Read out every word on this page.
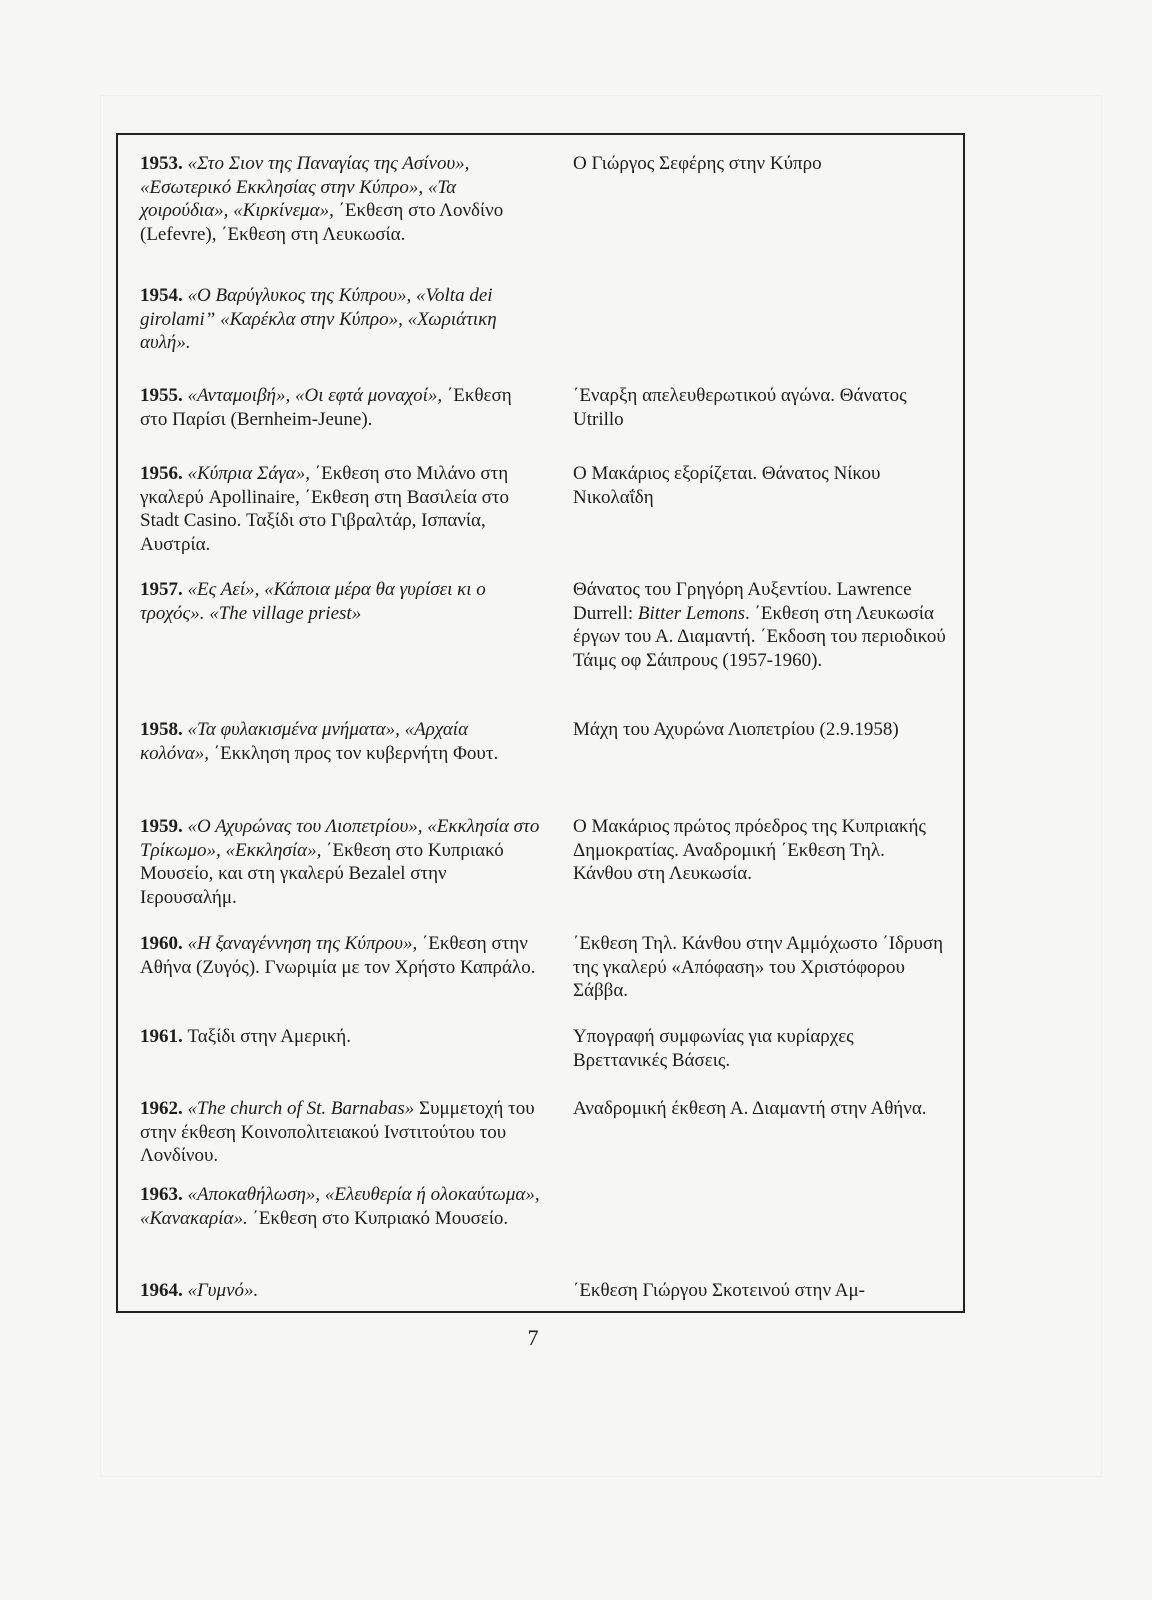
1953. «Στο Σιον της Παναγίας της Ασίνου», «Εσωτερικό Εκκλησίας στην Κύπρο», «Τα χοιρούδια», «Κιρκίνεμα», ΄Εκθεση στο Λονδίνο (Lefevre), ΄Εκθεση στη Λευκωσία.
Ο Γιώργος Σεφέρης στην Κύπρο
1954. «Ο Βαρύγλυκος της Κύπρου», «Volta dei girolami” «Καρέκλα στην Κύπρο», «Χωριάτικη αυλή».
1955. «Ανταμοιβή», «Οι εφτά μοναχοί», ΄Εκθεση στο Παρίσι (Bernheim-Jeune).
΄Εναρξη απελευθερωτικού αγώνα. Θάνατος Utrillo
1956. «Κύπρια Σάγα», ΄Εκθεση στο Μιλάνο στη γκαλερύ Apollinaire, ΄Εκθεση στη Βασιλεία στο Stadt Casino. Ταξίδι στο Γιβραλτάρ, Ισπανία, Αυστρία.
Ο Μακάριος εξορίζεται. Θάνατος Νίκου Νικολαΐδη
1957. «Ες Αεί», «Κάποια μέρα θα γυρίσει κι ο τροχός». «The village priest»
Θάνατος του Γρηγόρη Αυξεντίου. Lawrence Durrell: Bitter Lemons. ΄Εκθεση στη Λευκωσία έργων του Α. Διαμαντή. ΄Εκδοση του περιοδικού Τάιμς οφ Σάιπρους (1957-1960).
1958. «Τα φυλακισμένα μνήματα», «Αρχαία κολόνα», ΄Εκκληση προς τον κυβερνήτη Φουτ.
Μάχη του Αχυρώνα Λιοπετρίου (2.9.1958)
1959. «Ο Αχυρώνας του Λιοπετρίου», «Εκκλησία στο Τρίκωμο», «Εκκλησία», ΄Εκθεση στο Κυπριακό Μουσείο, και στη γκαλερύ Bezalel στην Ιερουσαλήμ.
Ο Μακάριος πρώτος πρόεδρος της Κυπριακής Δημοκρατίας. Αναδρομική ΄Εκθεση Τηλ. Κάνθου στη Λευκωσία.
1960. «Η ξαναγέννηση της Κύπρου», ΄Εκθεση στην Αθήνα (Ζυγός). Γνωριμία με τον Χρήστο Καπράλο.
΄Εκθεση Τηλ. Κάνθου στην Αμμόχωστο ΄Ιδρυση της γκαλερύ «Απόφαση» του Χριστόφορου Σάββα.
1961. Ταξίδι στην Αμερική.	Υπογραφή συμφωνίας για κυρίαρχες Βρεττανικές Βάσεις.
1962. «The church of St. Barnabas» Συμμετοχή του στην έκθεση Κοινοπολιτειακού Ινστιτούτου του Λονδίνου.
Αναδρομική έκθεση Α. Διαμαντή στην Αθήνα.
1963. «Αποκαθήλωση», «Ελευθερία ή ολοκαύτωμα», «Κανακαρία». ΄Εκθεση στο Κυπριακό Μουσείο.
1964. «Γυμνό».	΄Εκθεση Γιώργου Σκοτεινού στην Αμ-
7
